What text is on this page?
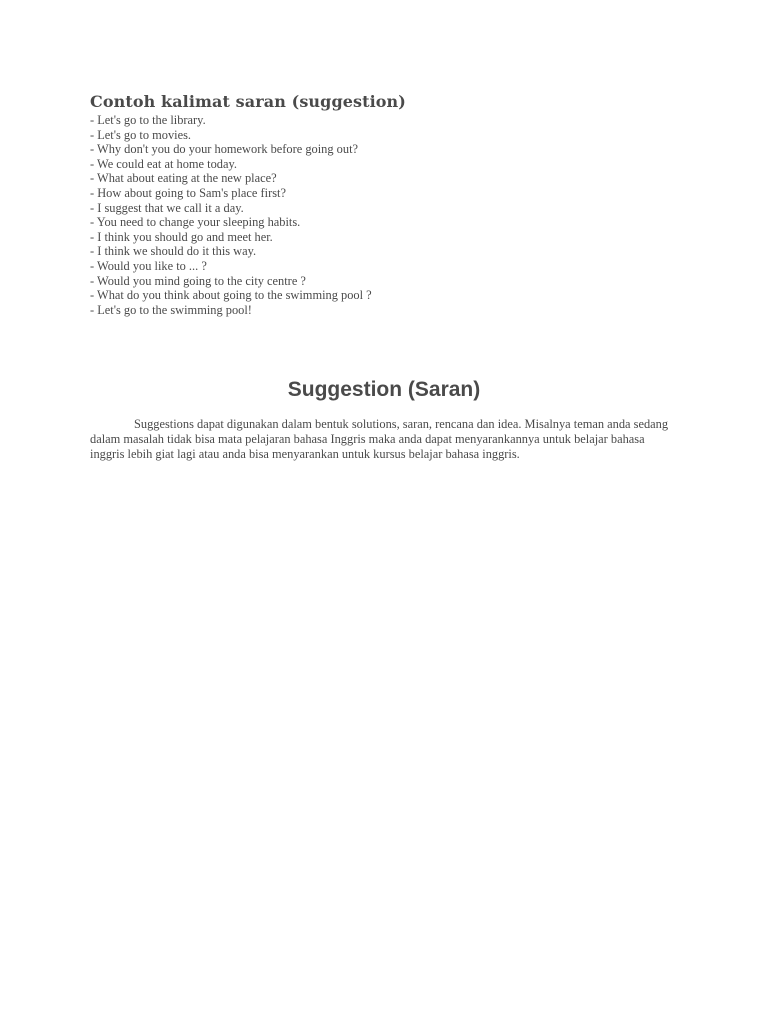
Contoh kalimat saran (suggestion)
- Let's go to the library.
- Let's go to movies.
- Why don't you do your homework before going out?
- We could eat at home today.
- What about eating at the new place?
- How about going to Sam's place first?
- I suggest that we call it a day.
- You need to change your sleeping habits.
- I think you should go and meet her.
- I think we should do it this way.
- Would you like to ... ?
- Would you mind going to the city centre ?
- What do you think about going to the swimming pool ?
- Let's go to the swimming pool!
Suggestion (Saran)

Suggestions dapat digunakan dalam bentuk solutions, saran, rencana dan idea. Misalnya teman anda sedang dalam masalah tidak bisa mata pelajaran bahasa Inggris maka anda dapat menyarankannya untuk belajar bahasa inggris lebih giat lagi atau anda bisa menyarankan untuk kursus belajar bahasa inggris.
